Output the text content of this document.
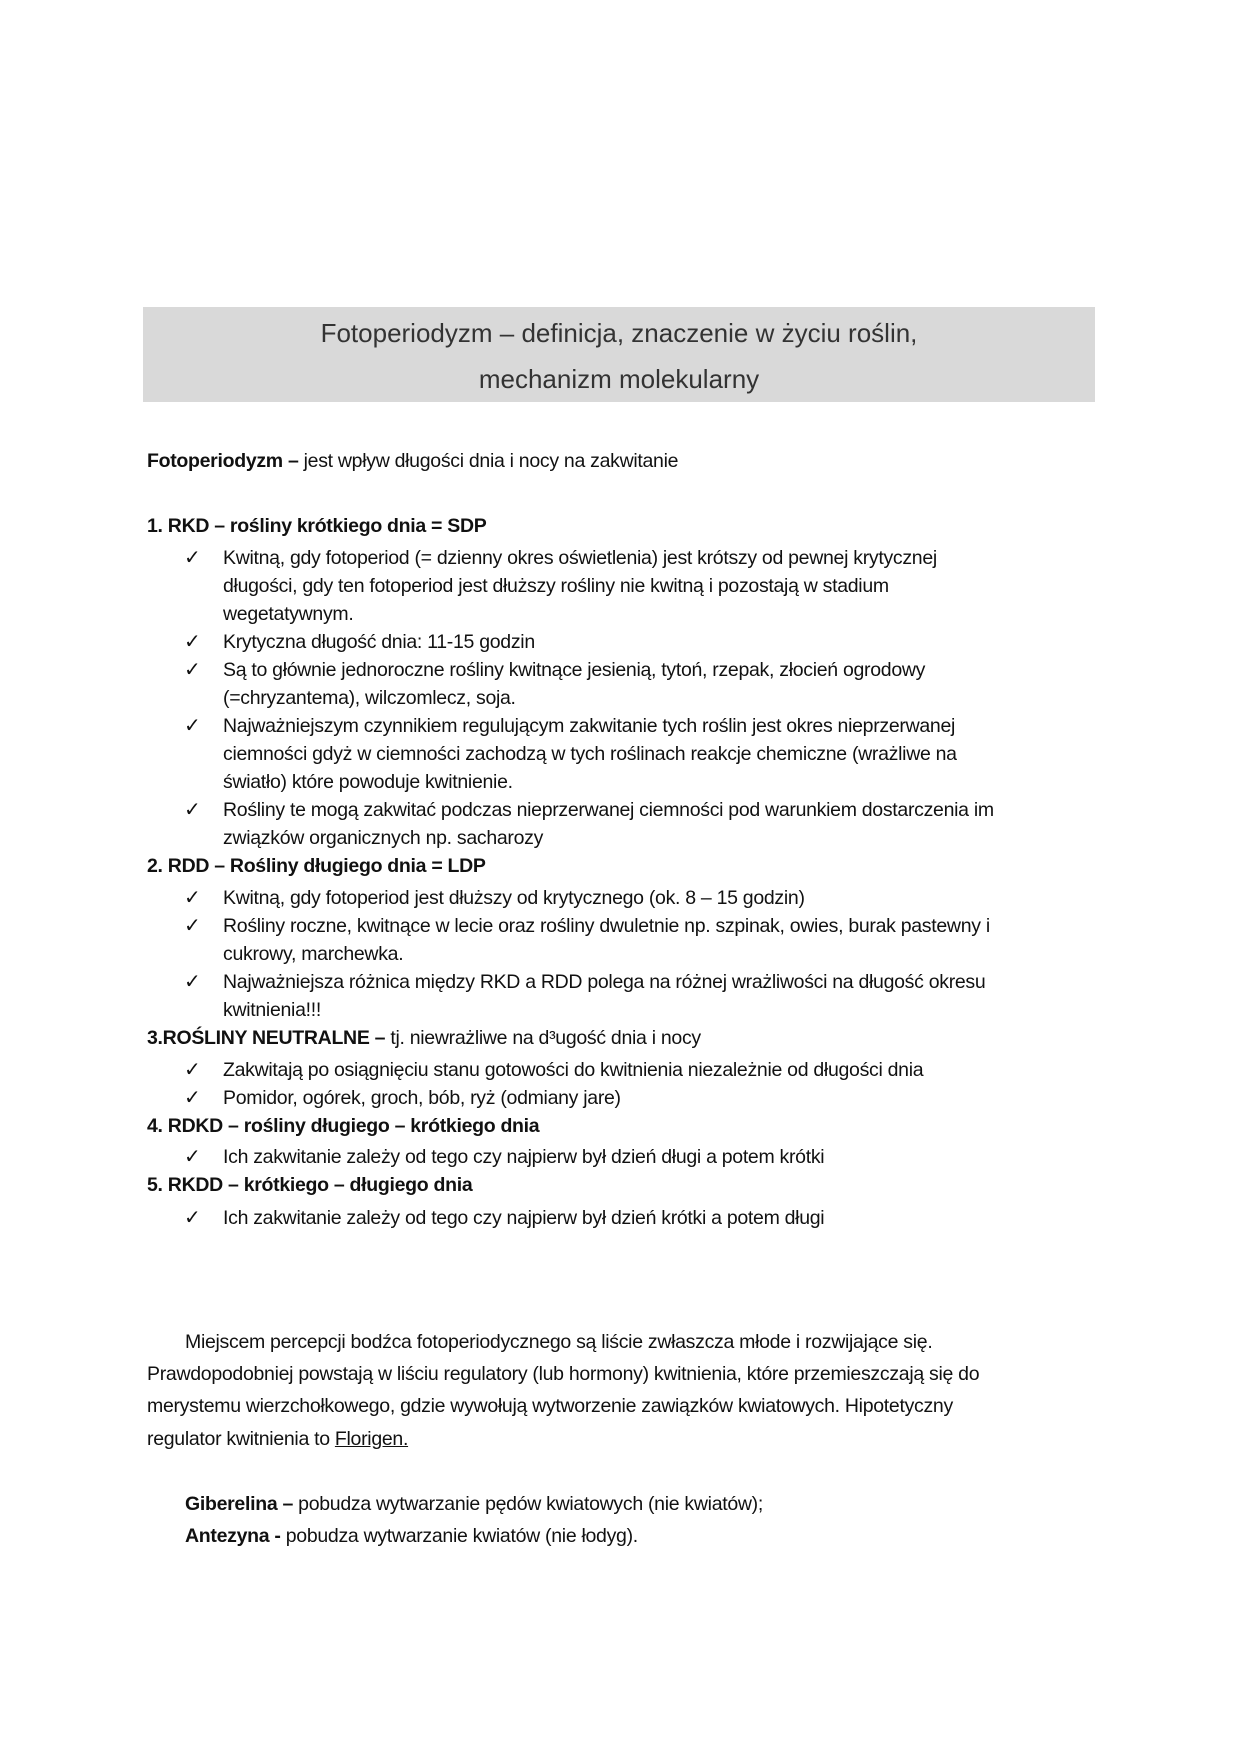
Fotoperiodyzm – definicja, znaczenie w życiu roślin,
mechanizm molekularny
Fotoperiodyzm – jest wpływ długości dnia i nocy na zakwitanie
1. RKD – rośliny krótkiego dnia = SDP
✓ Kwitną, gdy fotoperiod (= dzienny okres oświetlenia) jest krótszy od pewnej krytycznej
długości, gdy ten fotoperiod jest dłuższy rośliny nie kwitną i pozostają w stadium
wegetatywnym.
✓ Krytyczna długość dnia: 11-15 godzin
✓ Są to głównie jednoroczne rośliny kwitnące jesienią, tytoń, rzepak, złocień ogrodowy
(=chryzantema), wilczomlecz, soja.
✓ Najważniejszym czynnikiem regulującym zakwitanie tych roślin jest okres nieprzerwanej
ciemności gdyż w ciemności zachodzą w tych roślinach reakcje chemiczne (wrażliwe na
światło) które powoduje kwitnienie.
✓ Rośliny te mogą zakwitać podczas nieprzerwanej ciemności pod warunkiem dostarczenia im
związków organicznych np. sacharozy
2. RDD – Rośliny długiego dnia = LDP
✓ Kwitną, gdy fotoperiod jest dłuższy od krytycznego (ok. 8 – 15 godzin)
✓ Rośliny roczne, kwitnące w lecie oraz rośliny dwuletnie np. szpinak, owies, burak pastewny i
cukrowy, marchewka.
✓ Najważniejsza różnica między RKD a RDD polega na różnej wrażliwości na długość okresu
kwitnienia!!!
3.ROŚLINY NEUTRALNE – tj. niewrażliwe na d³ugość dnia i nocy
✓ Zakwitają po osiągnięciu stanu gotowości do kwitnienia niezależnie od długości dnia
✓ Pomidor, ogórek, groch, bób, ryż (odmiany jare)
4. RDKD – rośliny długiego – krótkiego dnia
✓ Ich zakwitanie zależy od tego czy najpierw był dzień długi a potem krótki
5. RKDD – krótkiego – długiego dnia
✓ Ich zakwitanie zależy od tego czy najpierw był dzień krótki a potem długi
Miejscem percepcji bodźca fotoperiodycznego są liście zwłaszcza młode i rozwijające się.
Prawdopodobniej powstają w liściu regulatory (lub hormony) kwitnienia, które przemieszczają się do
merystemu wierzchołkowego, gdzie wywołują wytworzenie zawiązków kwiatowych. Hipotetyczny
regulator kwitnienia to Florigen.
Giberelina – pobudza wytwarzanie pędów kwiatowych (nie kwiatów);
Antezyna - pobudza wytwarzanie kwiatów (nie łodyg).
